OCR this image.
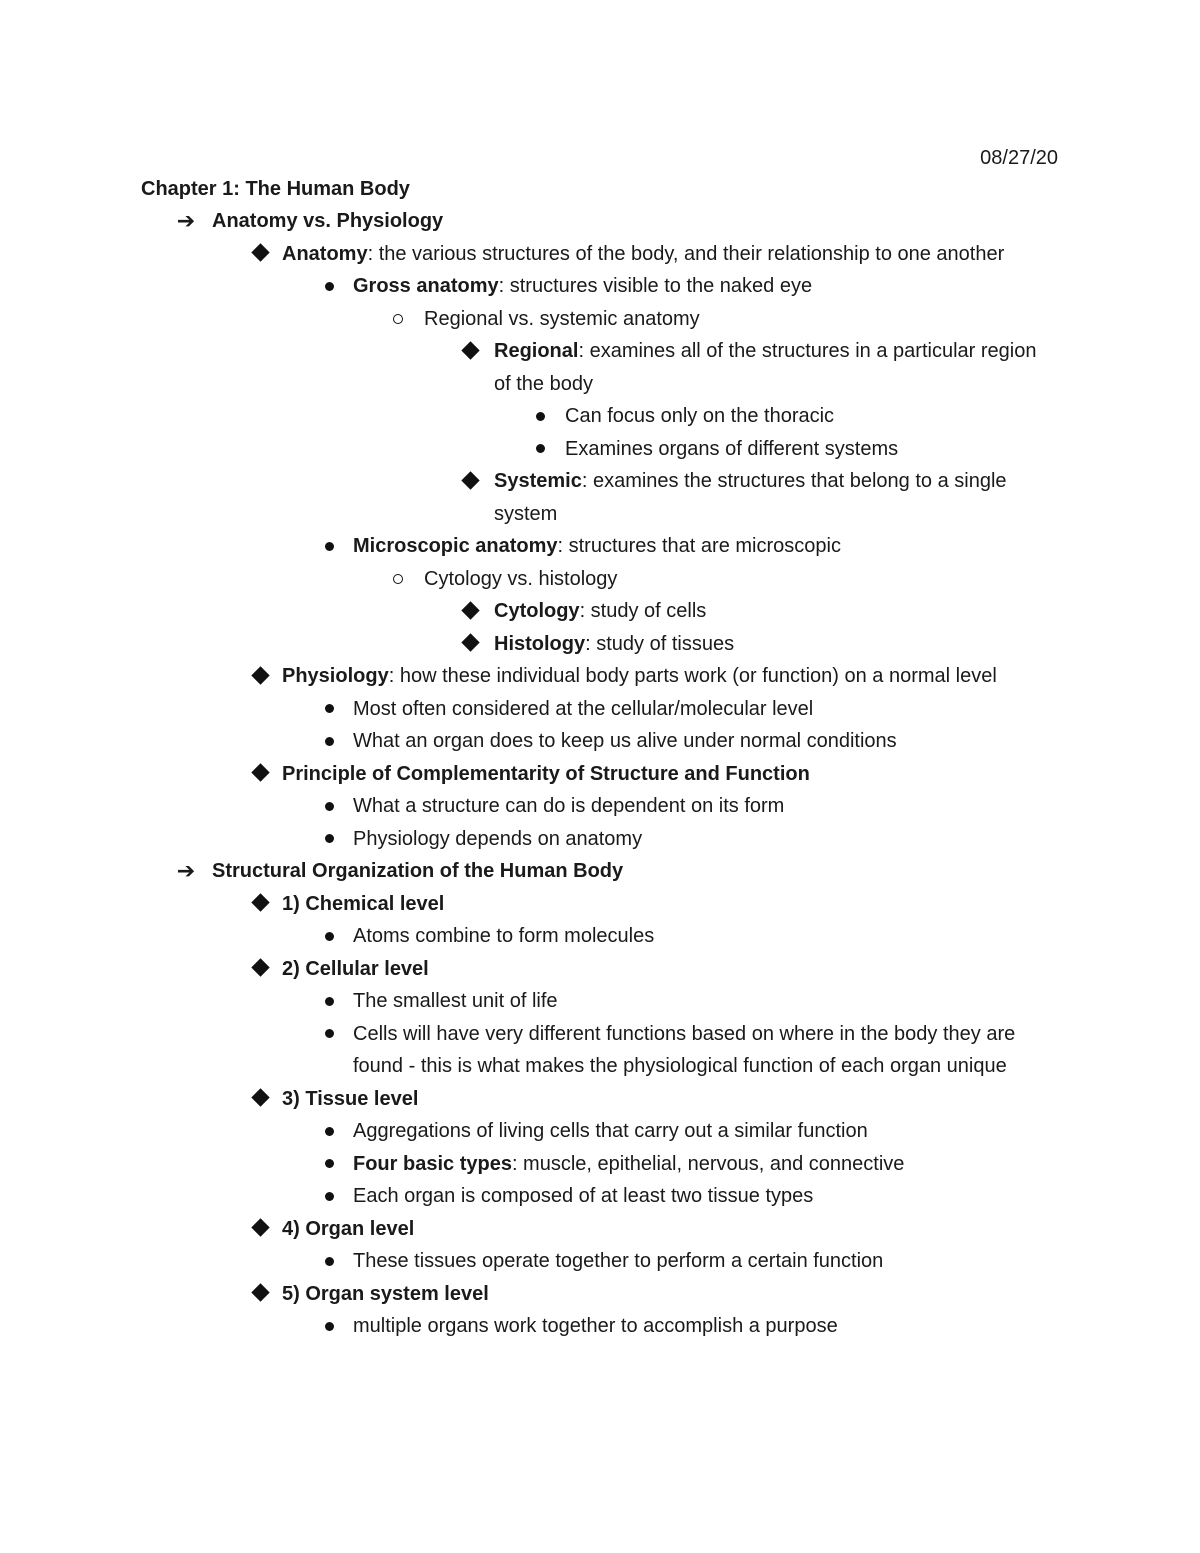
08/27/20
Chapter 1: The Human Body
➔ Anatomy vs. Physiology
Anatomy: the various structures of the body, and their relationship to one another
Gross anatomy: structures visible to the naked eye
Regional vs. systemic anatomy
Regional: examines all of the structures in a particular region of the body
Can focus only on the thoracic
Examines organs of different systems
Systemic: examines the structures that belong to a single system
Microscopic anatomy: structures that are microscopic
Cytology vs. histology
Cytology: study of cells
Histology: study of tissues
Physiology: how these individual body parts work (or function) on a normal level
Most often considered at the cellular/molecular level
What an organ does to keep us alive under normal conditions
Principle of Complementarity of Structure and Function
What a structure can do is dependent on its form
Physiology depends on anatomy
➔ Structural Organization of the Human Body
1) Chemical level
Atoms combine to form molecules
2) Cellular level
The smallest unit of life
Cells will have very different functions based on where in the body they are found - this is what makes the physiological function of each organ unique
3) Tissue level
Aggregations of living cells that carry out a similar function
Four basic types: muscle, epithelial, nervous, and connective
Each organ is composed of at least two tissue types
4) Organ level
These tissues operate together to perform a certain function
5) Organ system level
multiple organs work together to accomplish a purpose
